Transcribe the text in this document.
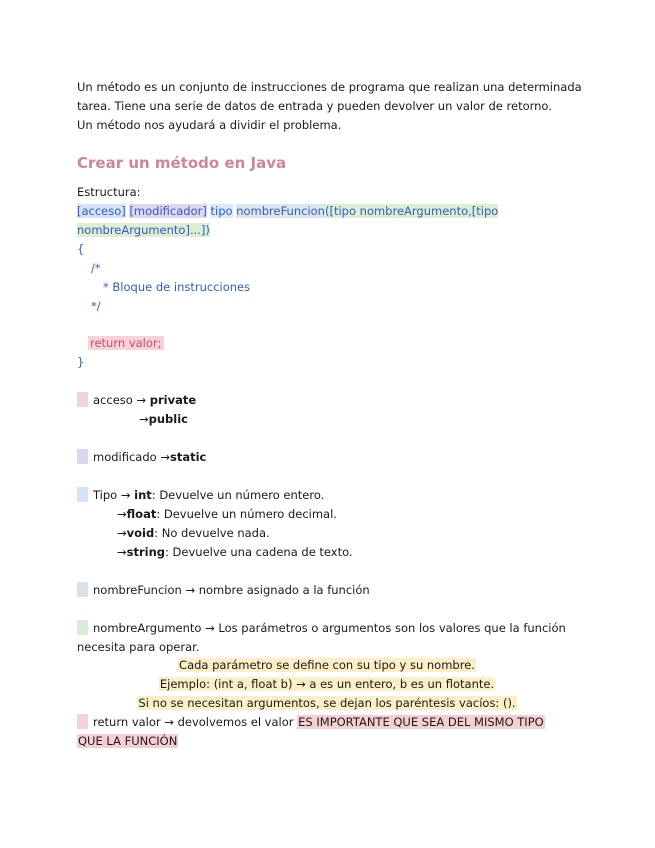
Un método es un conjunto de instrucciones de programa que realizan una determinada
tarea. Tiene una serie de datos de entrada y pueden devolver un valor de retorno.
Un método nos ayudará a dividir el problema.
Crear un método en Java
Estructura:
[acceso] [modificador] tipo nombreFuncion([tipo nombreArgumento,[tipo
nombreArgumento]...])
{
/*
* Bloque de instrucciones
*/
return valor;
}
acceso → private
→public
modificado →static
Tipo → int: Devuelve un número entero.
→float: Devuelve un número decimal.
→void: No devuelve nada.
→string: Devuelve una cadena de texto.
nombreFuncion → nombre asignado a la función
nombreArgumento → Los parámetros o argumentos son los valores que la función
necesita para operar.
Cada parámetro se define con su tipo y su nombre.
Ejemplo: (int a, float b) → a es un entero, b es un flotante.
Si no se necesitan argumentos, se dejan los paréntesis vacíos: ().
return valor → devolvemos el valor ES IMPORTANTE QUE SEA DEL MISMO TIPO
QUE LA FUNCIÓN
